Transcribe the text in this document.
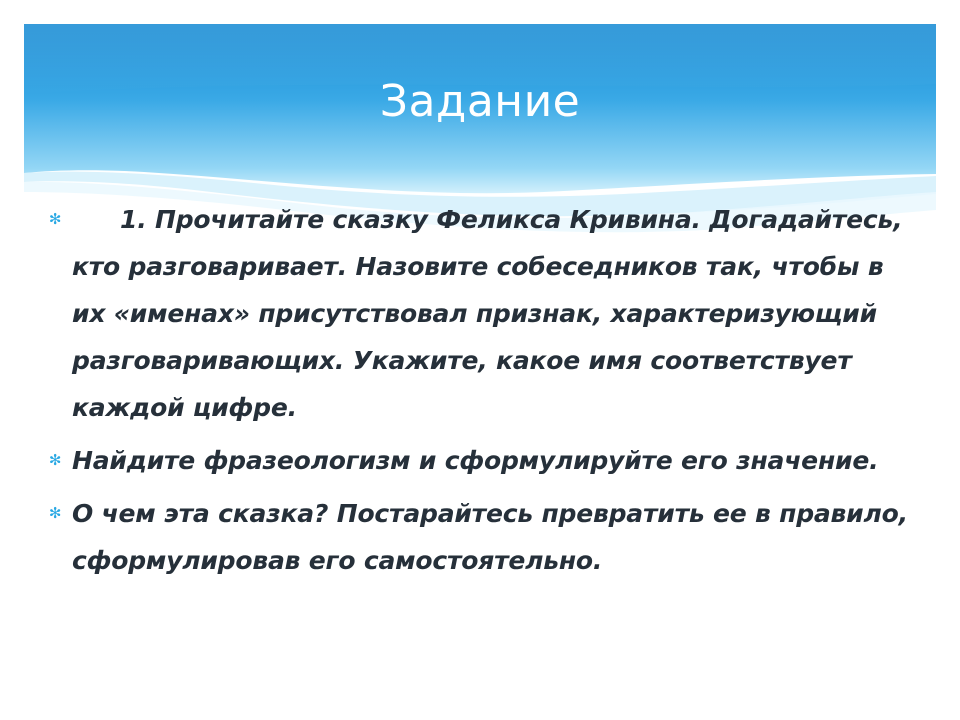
Задание
✻ 1. Прочитайте сказку Феликса Кривина. Догадайтесь, кто разговаривает. Назовите собеседников так, чтобы в их «именах» присутствовал признак, характеризующий разговаривающих. Укажите, какое имя соответствует каждой цифре.
✻ Найдите фразеологизм и сформулируйте его значение.
✻ О чем эта сказка? Постарайтесь превратить ее в правило, сформулировав его самостоятельно.
